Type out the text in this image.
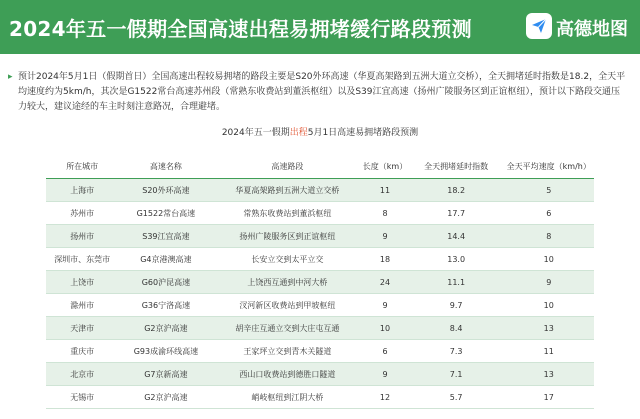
2024年五一假期全国高速出程易拥堵缓行路段预测	高德地图
▸ 预计2024年5月1日（假期首日）全国高速出程较易拥堵的路段主要是S20外环高速（华夏高架路到五洲大道立交桥），全天拥堵延时指数是18.2，全天平均速度约为5km/h，其次是G1522常台高速苏州段（常熟东收费站到董浜枢纽）以及S39江宜高速（扬州广陵服务区到正谊枢纽），预计以下路段交通压力较大，建议途经的车主时刻注意路况，合理避堵。
2024年五一假期出程5月1日高速易拥堵路段预测
所在城市	高速名称	高速路段	长度（km）	全天拥堵延时指数	全天平均速度（km/h）
上海市	S20外环高速	华夏高架路到五洲大道立交桥	11	18.2	5
苏州市	G1522常台高速	常熟东收费站到董浜枢纽	8	17.7	6
扬州市	S39江宜高速	扬州广陵服务区到正谊枢纽	9	14.4	8
深圳市、东莞市	G4京港澳高速	长安立交到太平立交	18	13.0	10
上饶市	G60沪昆高速	上饶西互通到中河大桥	24	11.1	9
滁州市	G36宁洛高速	汊河新区收费站到甲坡枢纽	9	9.7	10
天津市	G2京沪高速	胡辛庄互通立交到大庄屯互通	10	8.4	13
重庆市	G93成渝环线高速	王家坪立交到青木关隧道	6	7.3	11
北京市	G7京新高速	西山口收费站到德胜口隧道	9	7.1	13
无锡市	G2京沪高速	峭岐枢纽到江阴大桥	12	5.7	17
